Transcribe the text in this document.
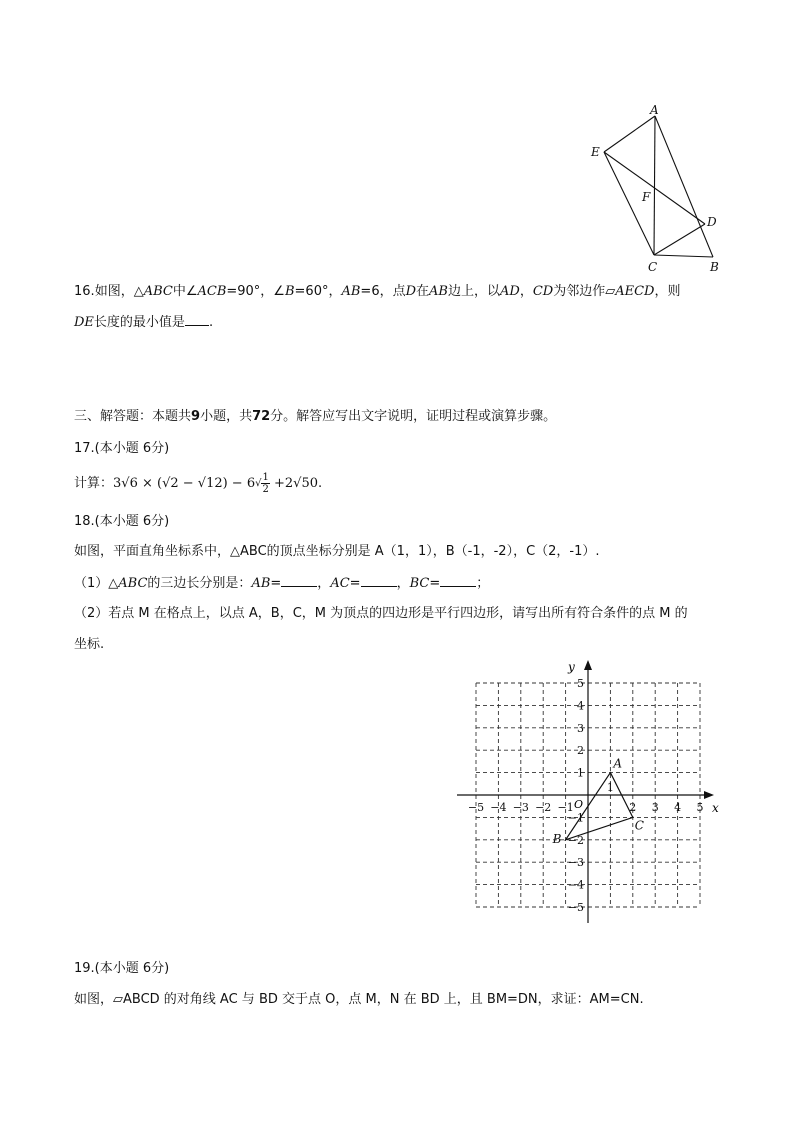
A
E
F
D
C	B
16.如图，△ABC中∠ACB=90°，∠B=60°，AB=6，点D在AB边上，以AD，CD为邻边作▱AECD，则
DE长度的最小值是 .
三、解答题：本题共9小题，共72分。解答应写出文字说明，证明过程或演算步骤。
17.(本小题 6分)
计算：$3√6 \times (√2 - √12) - 6√ \frac{1}{2} +2√50$.
18.(本小题 6分)
如图，平面直角坐标系中，△ABC的顶点坐标分别是 A（1，1），B（-1，-2），C（2，-1）.
（1）△ABC的三边长分别是：AB=	，AC=	，BC=	；
（2）若点 M 在格点上，以点 A，B，C，M 为顶点的四边形是平行四边形，请写出所有符合条件的点 M 的
坐标.
x
y
O
−5 −4 −3 −2 −1	2 3 4 5
1
5
4
3
2
1
−1
−2
−3
−4
−5
A
B
C
19.(本小题 6分)
如图，▱ABCD 的对角线 AC 与 BD 交于点 O，点 M，N 在 BD 上，且 BM=DN，求证：AM=CN.
